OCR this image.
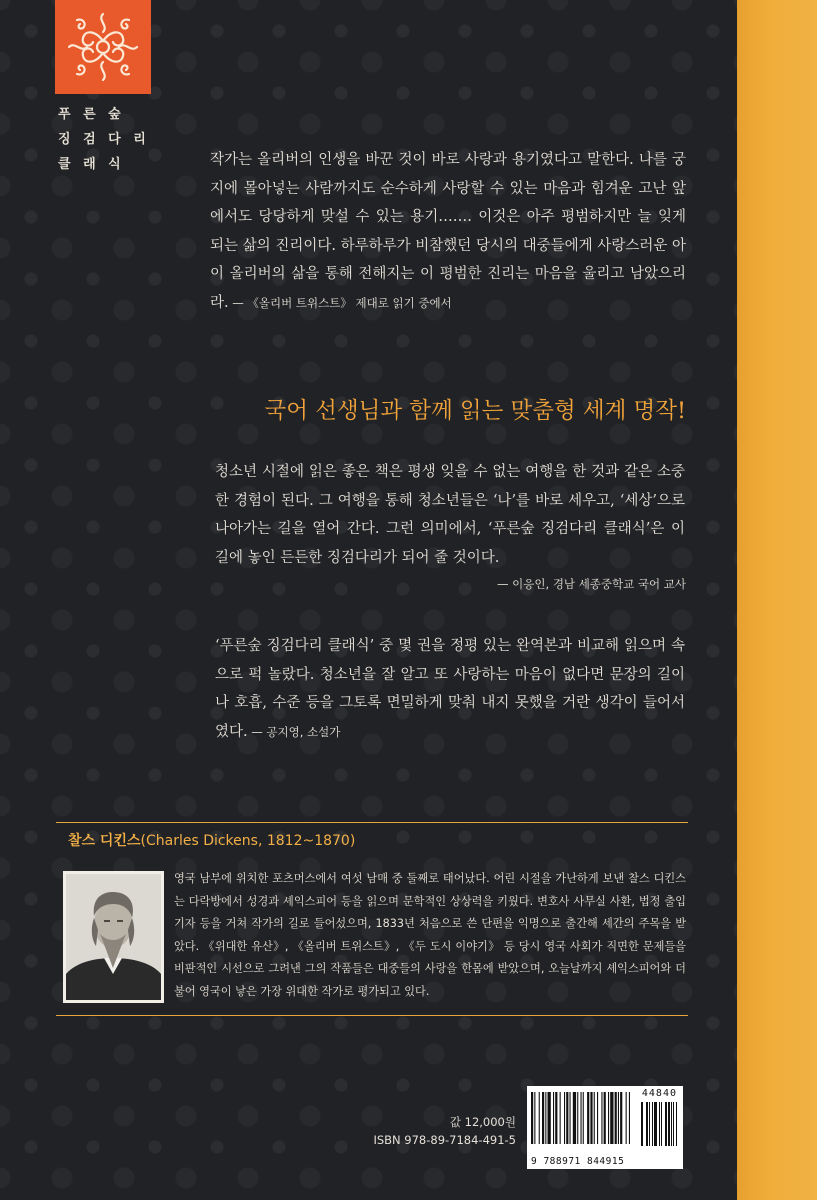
푸 른 숲
징 검 다 리
클 래 식	작가는 올리버의 인생을 바꾼 것이 바로 사랑과 용기였다고 말한다. 나를 궁지에 몰아넣는 사람까지도 순수하게 사랑할 수 있는 마음과 힘겨운 고난 앞에서도 당당하게 맞설 수 있는 용기……. 이것은 아주 평범하지만 늘 잊게 되는 삶의 진리이다. 하루하루가 비참했던 당시의 대중들에게 사랑스러운 아이 올리버의 삶을 통해 전해지는 이 평범한 진리는 마음을 울리고 남았으리라. — 《올리버 트위스트》 제대로 읽기 중에서
국어 선생님과 함께 읽는 맞춤형 세계 명작!
청소년 시절에 읽은 좋은 책은 평생 잊을 수 없는 여행을 한 것과 같은 소중한 경험이 된다. 그 여행을 통해 청소년들은 ‘나’를 바로 세우고, ‘세상’으로 나아가는 길을 열어 간다. 그런 의미에서, ‘푸른숲 징검다리 클래식’은 이 길에 놓인 든든한 징검다리가 되어 줄 것이다.
— 이응인, 경남 세종중학교 국어 교사
‘푸른숲 징검다리 클래식’ 중 몇 권을 정평 있는 완역본과 비교해 읽으며 속으로 퍽 놀랐다. 청소년을 잘 알고 또 사랑하는 마음이 없다면 문장의 길이나 호흡, 수준 등을 그토록 면밀하게 맞춰 내지 못했을 거란 생각이 들어서였다. — 공지영, 소설가
찰스 디킨스(Charles Dickens, 1812~1870)
영국 남부에 위치한 포츠머스에서 여섯 남매 중 둘째로 태어났다. 어린 시절을 가난하게 보낸 찰스 디킨스는 다락방에서 성경과 셰익스피어 등을 읽으며 문학적인 상상력을 키웠다. 변호사 사무실 사환, 법정 출입 기자 등을 거쳐 작가의 길로 들어섰으며, 1833년 처음으로 쓴 단편을 익명으로 출간해 세간의 주목을 받았다. 《위대한 유산》, 《올리버 트위스트》, 《두 도시 이야기》 등 당시 영국 사회가 직면한 문제들을 비판적인 시선으로 그려낸 그의 작품들은 대중들의 사랑을 한몸에 받았으며, 오늘날까지 셰익스피어와 더불어 영국이 낳은 가장 위대한 작가로 평가되고 있다.
값 12,000원
ISBN 978-89-7184-491-5
44840
9 788971 844915
